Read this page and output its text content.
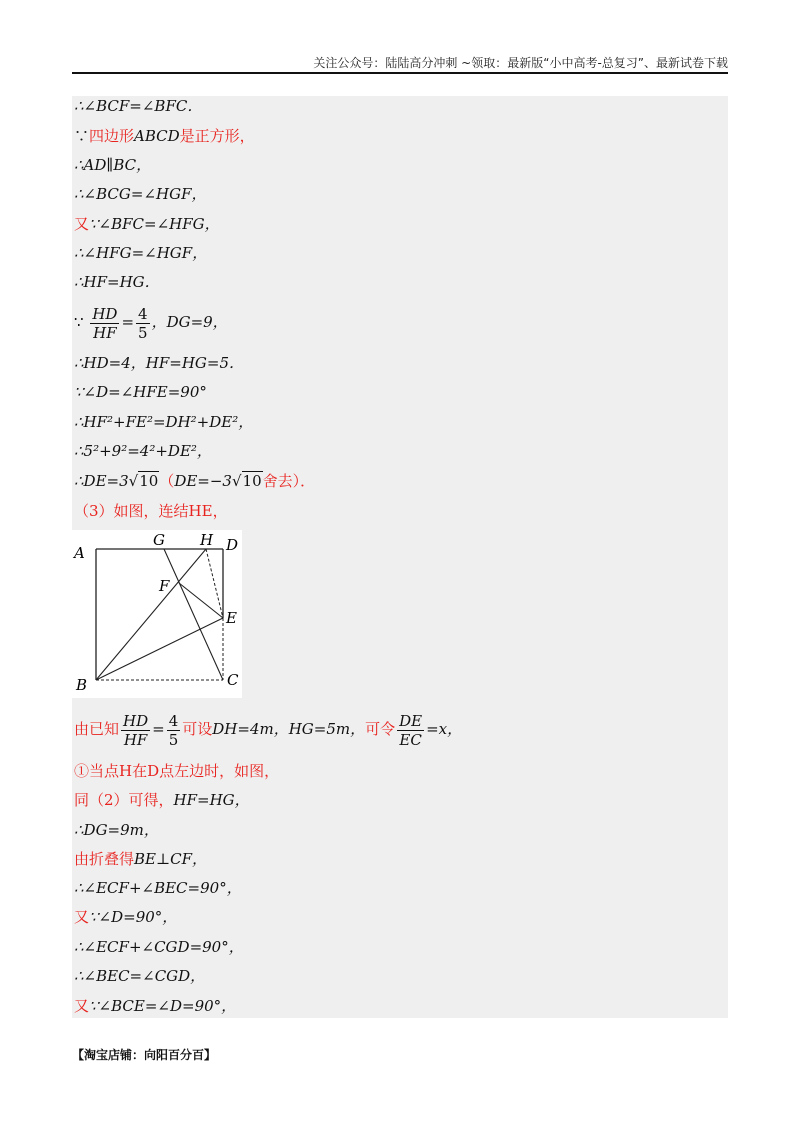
关注公众号：陆陆高分冲刺 ~领取：最新版“小中高考-总复习”、最新试卷下载
∴∠BCF=∠BFC．
∵四边形ABCD是正方形，
∴AD∥BC，
∴∠BCG=∠HGF，
又∵∠BFC=∠HFG，
∴∠HFG=∠HGF，
∴HF=HG．
∵ $\frac{HD}{HF} = \frac{4}{5}$ ，DG=9，
∴HD=4，HF=HG=5．
∵∠D=∠HFE=90°
∴HF²+FE²=DH²+DE²，
∴5²+9²=4²+DE²，
∴DE=3√10（DE=−3√10舍去）．
（3）如图，连结HE，
A
B	C
D
E
F
G H
由已知 $\frac{HD}{HF} = \frac{4}{5}$ 可设DH=4m，HG=5m，可令 $\frac{DE}{EC} =x$，
①当点H在D点左边时，如图，
同（2）可得，HF=HG，
∴DG=9m，
由折叠得BE⊥CF，
∴∠ECF+∠BEC=90°，
又∵∠D=90°，
∴∠ECF+∠CGD=90°，
∴∠BEC=∠CGD，
又∵∠BCE=∠D=90°，
【淘宝店铺：向阳百分百】
